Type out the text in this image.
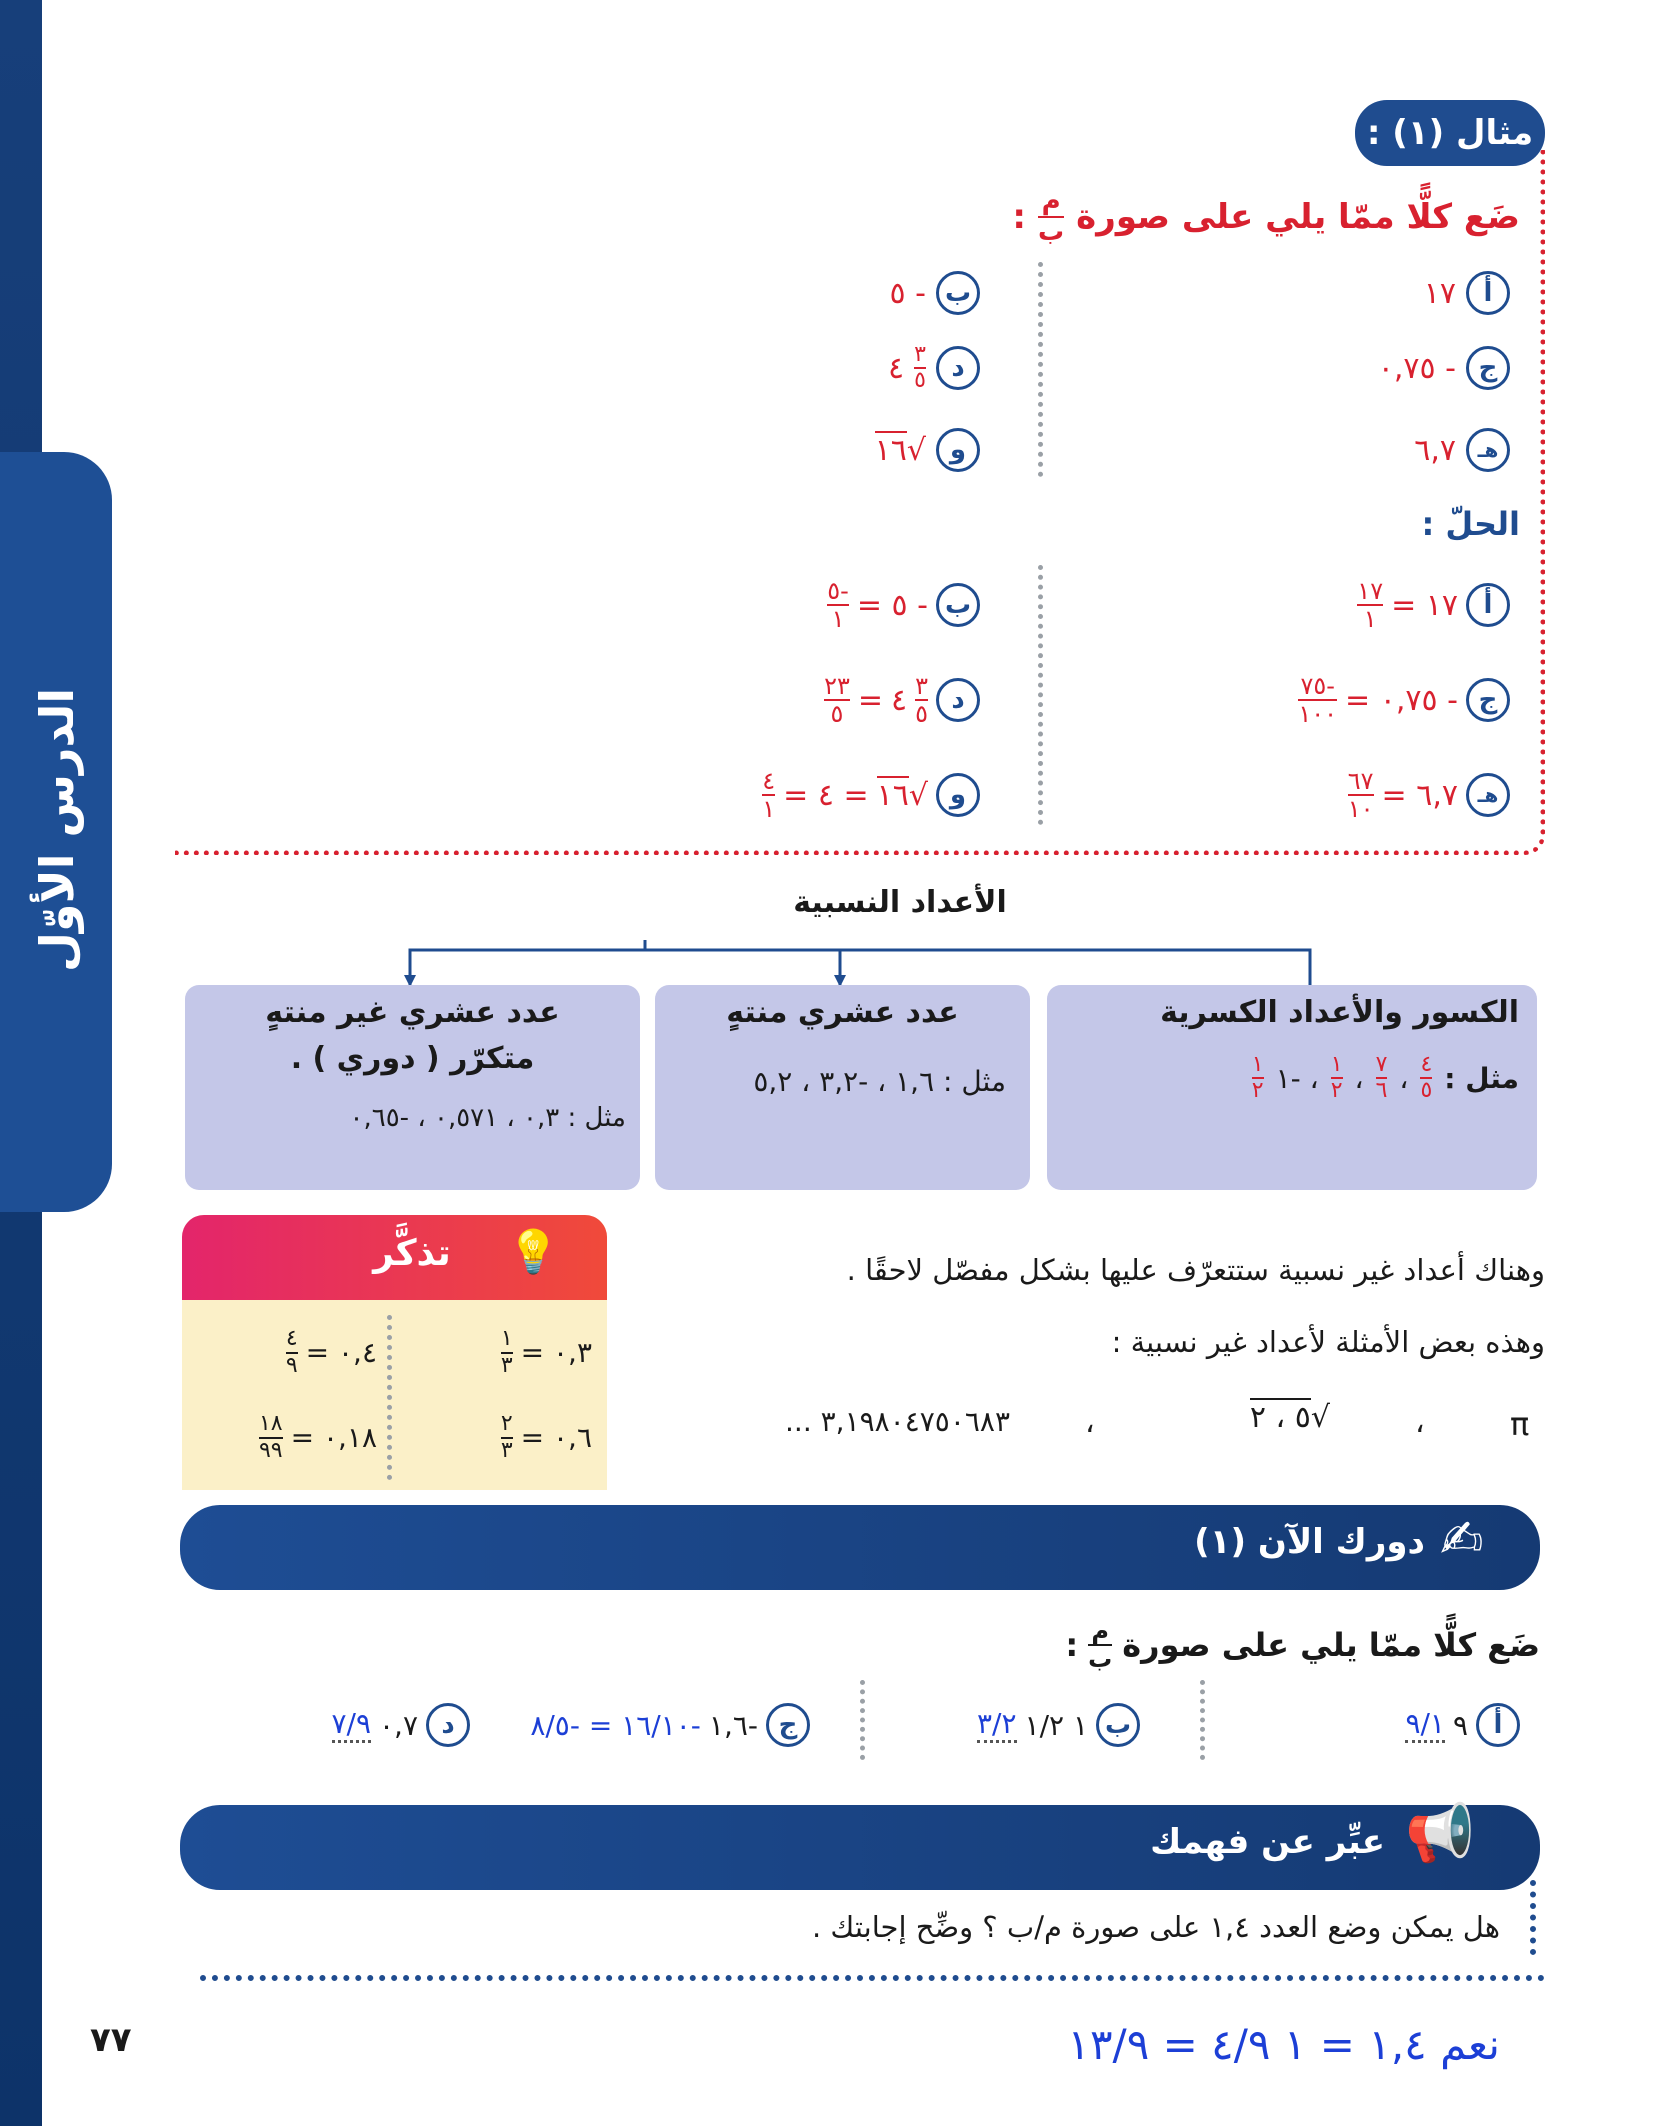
الدرس الأوّل
مثال (١) :
ضَع كلًّا ممّا يلي على صورة
$\frac{\text{م}}{\text{ب}}$
:
أ
١٧
ب
- ٥
ج
- ٠,٧٥
د
$\frac{٣}{٥}$
٤
هـ
٦,٧
و
√١٦
الحلّ :
أ
١٧ =
$\frac{١٧}{١}$
ب
- ٥ =
$\frac{-٥}{١}$
ج
- ٠,٧٥ =
$\frac{-٧٥}{١٠٠}$
د
$\frac{٣}{٥}$
٤
=
$\frac{٢٣}{٥}$
هـ
٦,٧ =
$\frac{٦٧}{١٠}$
و
√١٦
= ٤ =
$\frac{٤}{١}$
الأعداد النسبية
الكسور والأعداد الكسرية
مثل :
$\frac{٤}{٥}$
،
$\frac{٧}{٦}$
،
$\frac{١}{٢}$
، -١
$\frac{١}{٢}$
عدد عشري منتهٍ
مثل : ١,٦ ، -٣,٢ ، ٥,٢
عدد عشري غير منتهٍ
متكرّر ( دوري ) .
مثل : ٠,٣ ، ٠,٥٧١ ، -٠,٦٥
تذكَّر	💡
٠,٣ =
$\frac{١}{٣}$
٠,٤ =
$\frac{٤}{٩}$
٠,٦ =
$\frac{٢}{٣}$
٠,١٨ =
$\frac{١٨}{٩٩}$
وهناك أعداد غير نسبية ستتعرّف عليها بشكل مفصّل لاحقًا .
وهذه بعض الأمثلة لأعداد غير نسبية :
π
،
√٥ ، ٢
،
٣,١٩٨٠٤٧٥٠٦٨٣ ...
دورك الآن (١) ✍
ضَع كلًّا ممّا يلي على صورة
$\frac{\text{م}}{\text{ب}}$
:
أ
٩
٩/١
ب
١ ١/٢
٣/٢
ج
-١,٦
-١٦/١٠ = -٨/٥
د
٠,٧
٧/٩
عبِّر عن فهمك 📢
هل يمكن وضع العدد ١,٤ على صورة م/ب ؟ وضِّح إجابتك .
نعم ١,٤ = ١ ٤/٩ = ١٣/٩
٧٧
